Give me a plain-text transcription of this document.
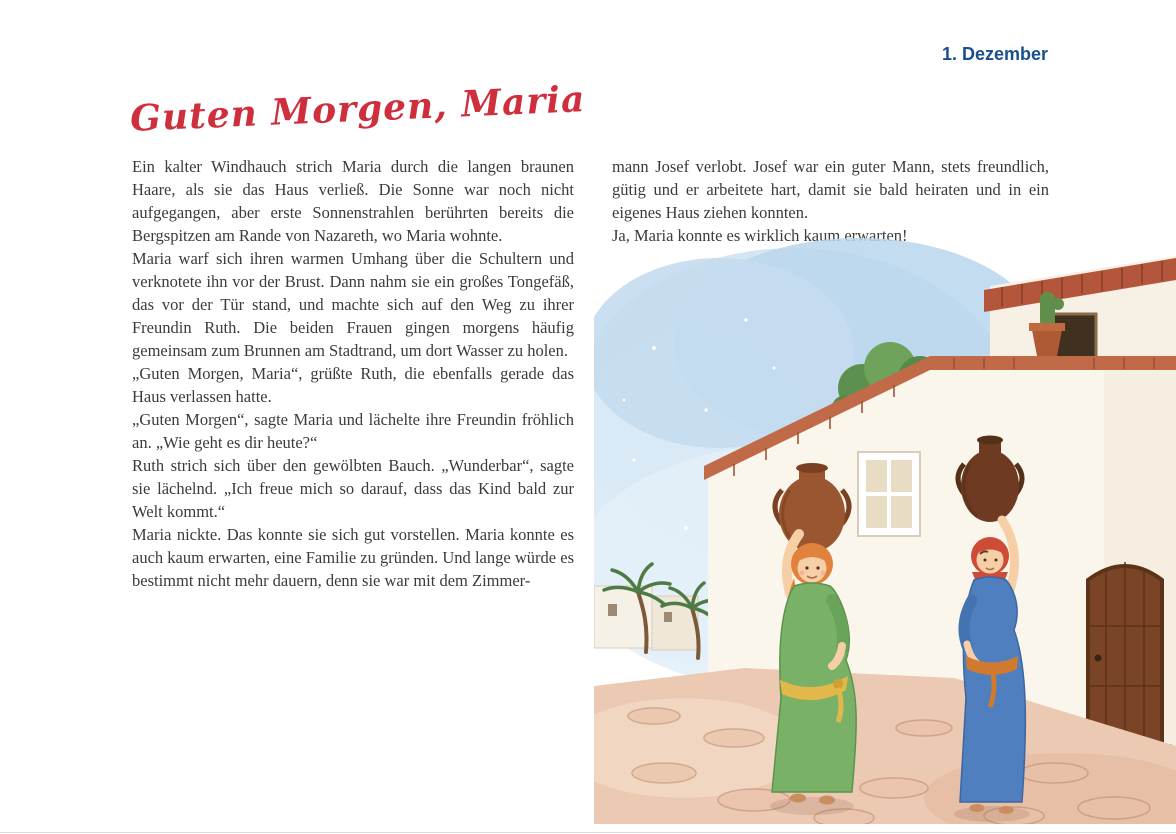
1. Dezember
Guten Morgen, Maria

Ein kalter Windhauch strich Maria durch die langen braunen Haare, als sie das Haus verließ. Die Sonne war noch nicht aufgegangen, aber erste Sonnenstrahlen berührten bereits die Bergspitzen am Rande von Nazareth, wo Maria wohnte.

Maria warf sich ihren warmen Umhang über die Schultern und verknotete ihn vor der Brust. Dann nahm sie ein großes Tongefäß, das vor der Tür stand, und machte sich auf den Weg zu ihrer Freundin Ruth. Die beiden Frauen gingen morgens häufig gemeinsam zum Brunnen am Stadtrand, um dort Wasser zu holen.

„Guten Morgen, Maria“, grüßte Ruth, die ebenfalls gerade das Haus verlassen hatte.

„Guten Morgen“, sagte Maria und lächelte ihre Freundin fröhlich an. „Wie geht es dir heute?“

Ruth strich sich über den gewölbten Bauch. „Wunderbar“, sagte sie lächelnd. „Ich freue mich so darauf, dass das Kind bald zur Welt kommt.“

Maria nickte. Das konnte sie sich gut vorstellen. Maria konnte es auch kaum erwarten, eine Familie zu gründen. Und lange würde es bestimmt nicht mehr dauern, denn sie war mit dem Zimmer-

mann Josef verlobt. Josef war ein guter Mann, stets freundlich, gütig und er arbeitete hart, damit sie bald heiraten und in ein eigenes Haus ziehen konnten.

Ja, Maria konnte es wirklich kaum erwarten!
